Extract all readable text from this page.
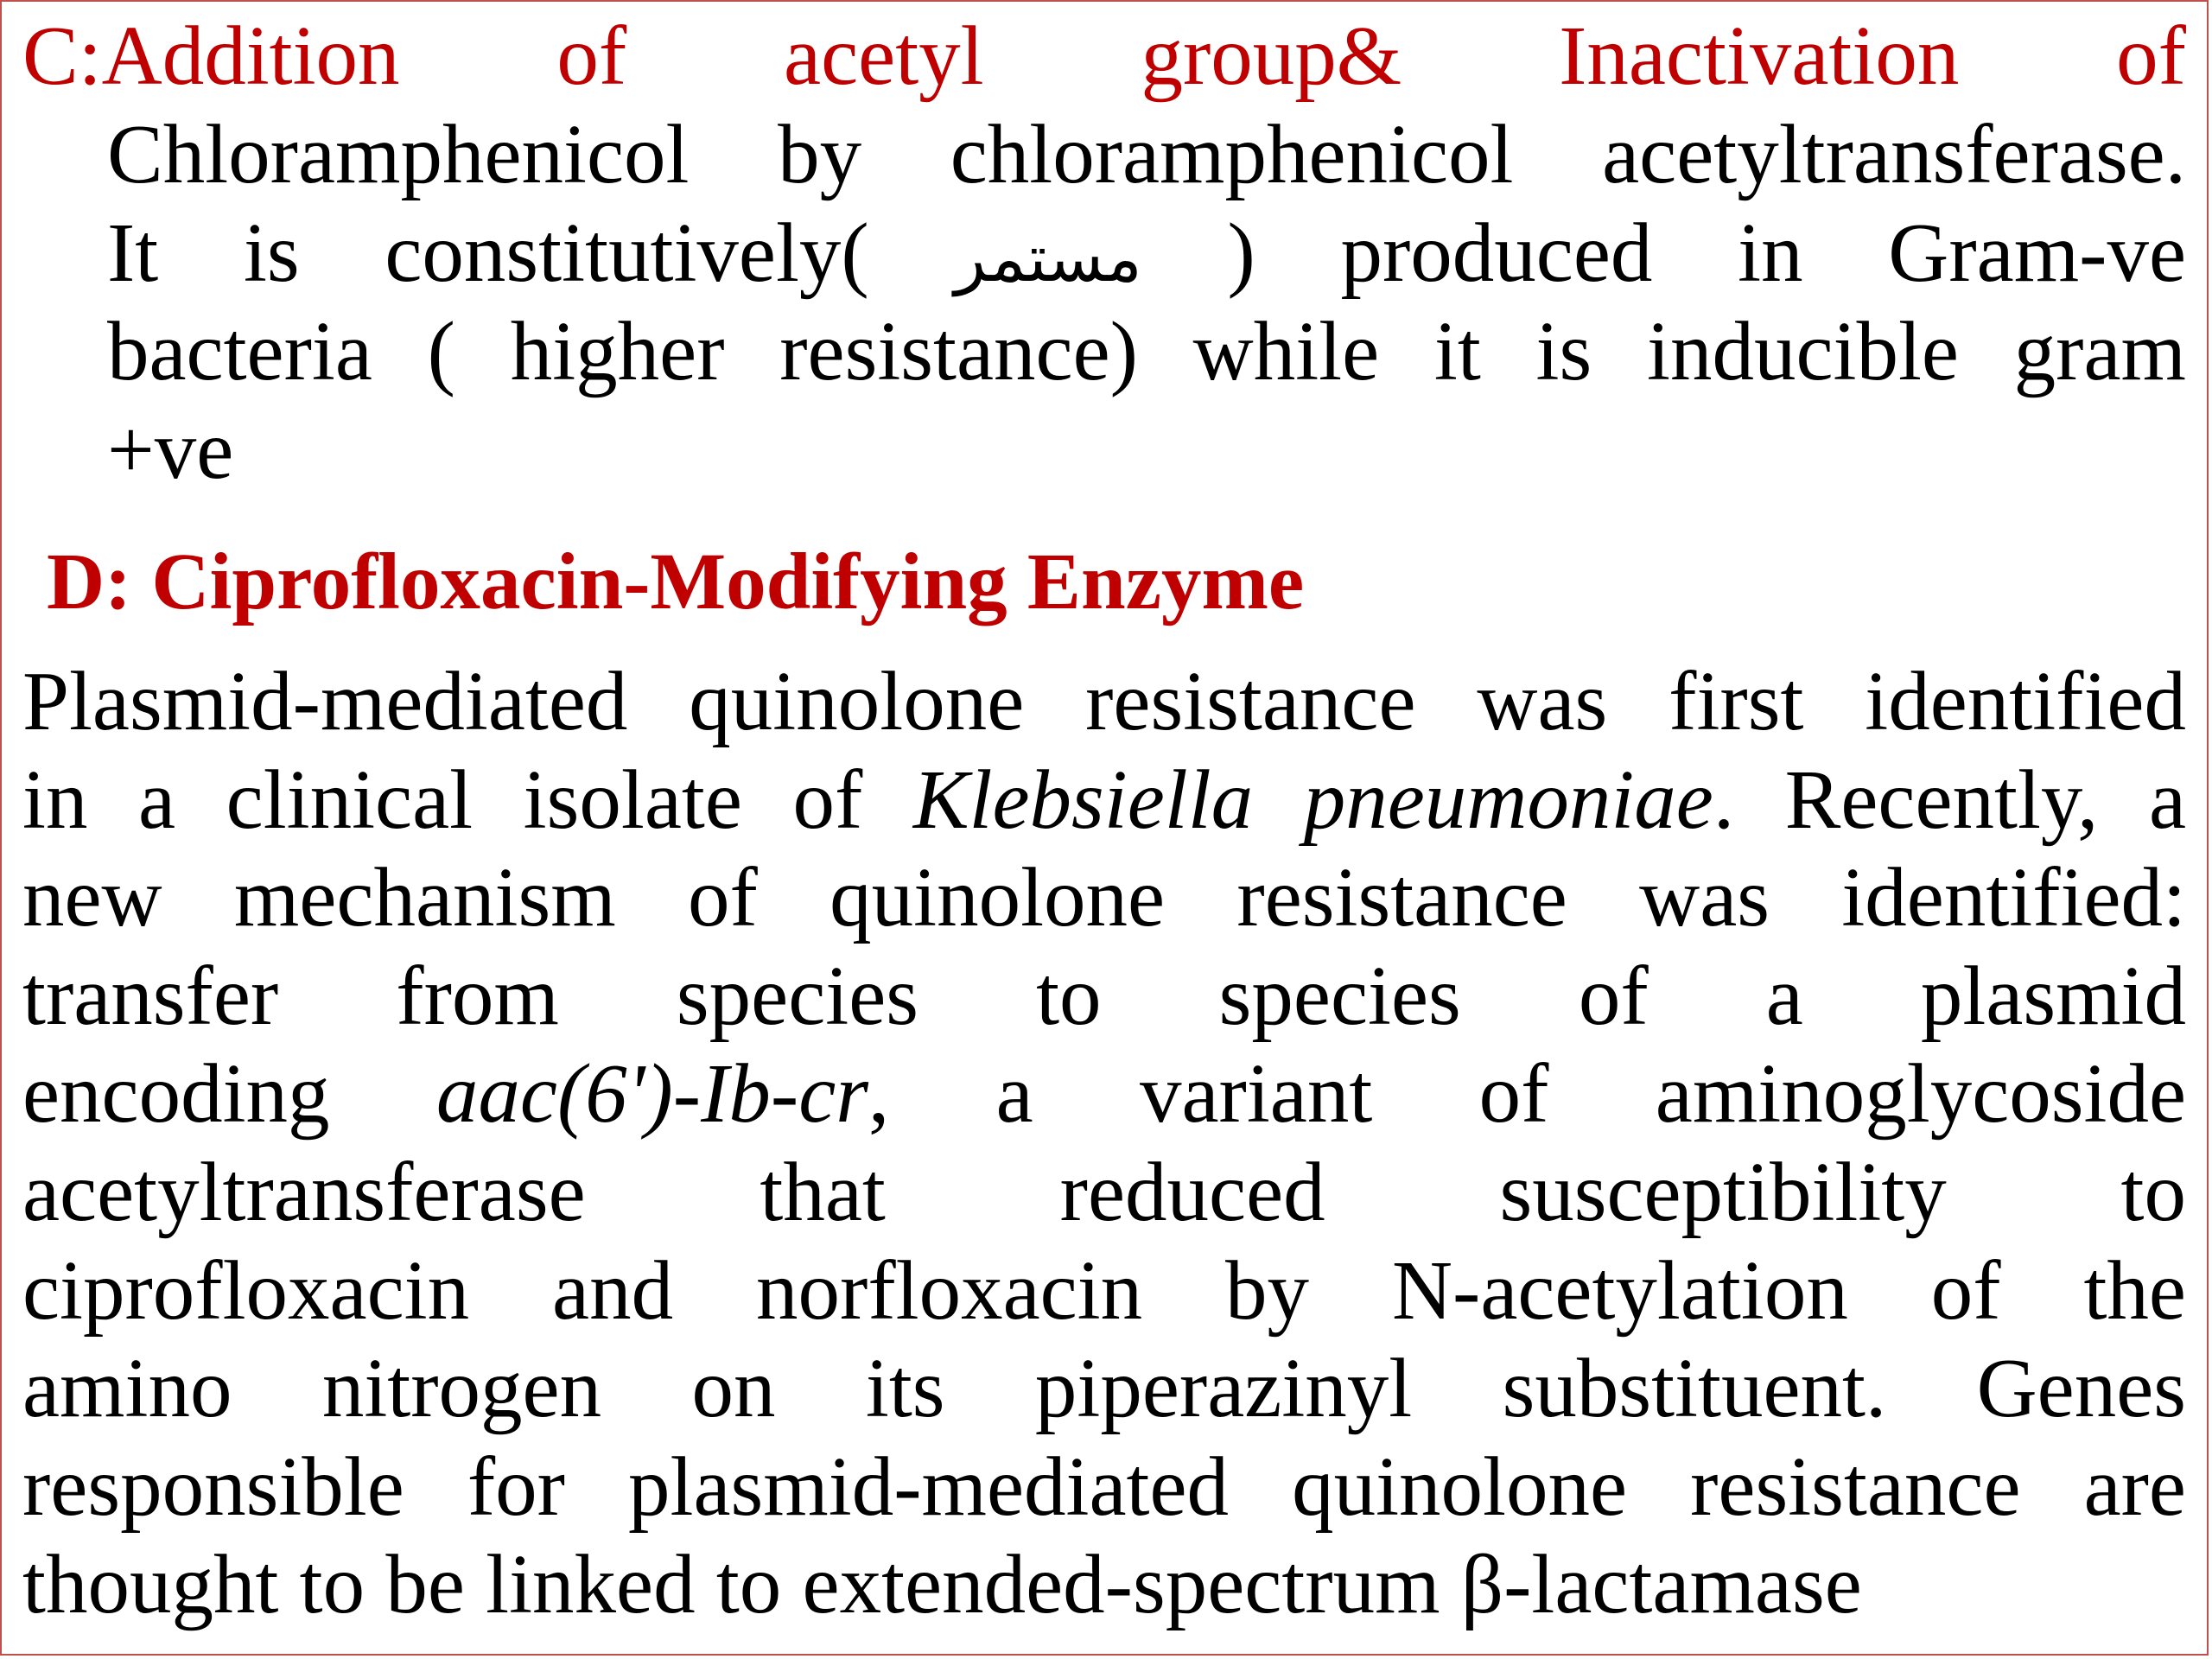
C:Addition of acetyl group& Inactivation of
Chloramphenicol by chloramphenicol acetyltransferase.
It is constitutively( مستمر ) produced in Gram-ve
bacteria ( higher resistance) while it is inducible gram
+ve
D: Ciprofloxacin-Modifying Enzyme
Plasmid-mediated quinolone resistance was first identified
in a clinical isolate of Klebsiella pneumoniae. Recently, a
new mechanism of quinolone resistance was identified:
transfer from species to species of a plasmid
encoding aac(6')-Ib-cr, a variant of aminoglycoside
acetyltransferase that reduced susceptibility to
ciprofloxacin and norfloxacin by N-acetylation of the
amino nitrogen on its piperazinyl substituent. Genes
responsible for plasmid-mediated quinolone resistance are
thought to be linked to extended-spectrum β-lactamase
